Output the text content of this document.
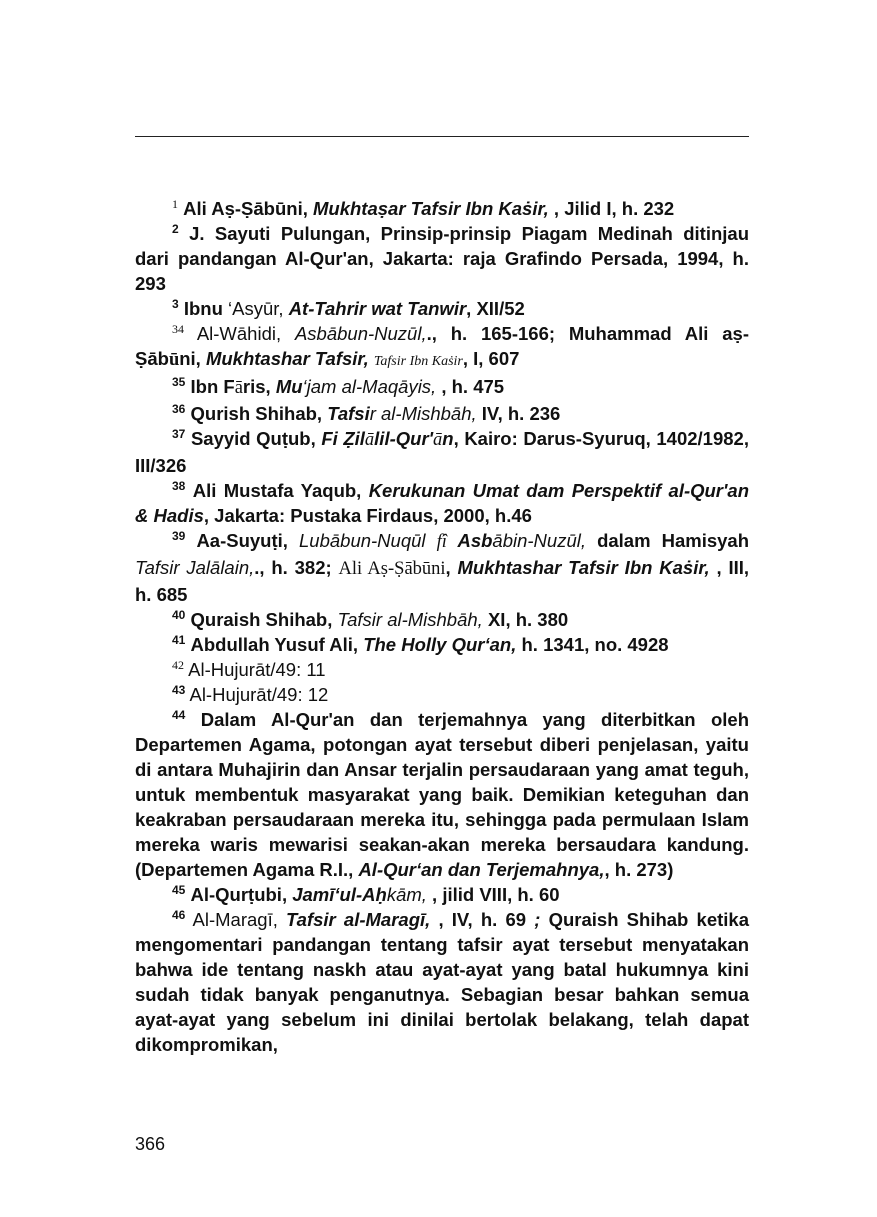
$^1$ Ali Aṣ-Ṣābūni, Mukhtaṣar Tafsir Ibn Kaṡir, , Jilid I, h. 232

$^2$ J. Sayuti Pulungan, Prinsip-prinsip Piagam Medinah ditinjau dari pandangan Al-Qur'an, Jakarta: raja Grafindo Persada, 1994, h. 293

$^3$ Ibnu ‘Asyūr, At-Tahrir wat Tanwir, XII/52

$^{34}$ Al-Wāhidi, Asbābun-Nuzūl,., h. 165-166; Muhammad Ali aṣ-Ṣābūni, Mukhtashar Tafsir, Tafsir Ibn Kaṡir, I, 607

$^{35}$ Ibn Fāris, Mu‘jam al-Maqāyis, , h. 475

$^{36}$ Qurish Shihab, Tafsir al-Mishbāh, IV, h. 236

$^{37}$ Sayyid Quṭub, Fi Ẓilālil-Qur'ān, Kairo: Darus-Syuruq, 1402/1982, III/326

$^{38}$ Ali Mustafa Yaqub, Kerukunan Umat dam Perspektif al-Qur'an & Hadis, Jakarta: Pustaka Firdaus, 2000, h.46

$^{39}$ Aa-Suyuṭi, Lubābun-Nuqūl fî Asbābin-Nuzūl, dalam Hamisyah Tafsir Jalālain,., h. 382; Ali Aṣ-Ṣābūni, Mukhtashar Tafsir Ibn Kaṡir, , III, h. 685

$^{40}$ Quraish Shihab, Tafsir al-Mishbāh, XI, h. 380

$^{41}$ Abdullah Yusuf Ali, The Holly Qur‘an, h. 1341, no. 4928

$^{42}$ Al-Hujurāt/49: 11

$^{43}$ Al-Hujurāt/49: 12

$^{44}$ Dalam Al-Qur'an dan terjemahnya yang diterbitkan oleh Departemen Agama, potongan ayat tersebut diberi penjelasan, yaitu di antara Muhajirin dan Ansar terjalin persaudaraan yang amat teguh, untuk membentuk masyarakat yang baik. Demikian keteguhan dan keakraban persaudaraan mereka itu, sehingga pada permulaan Islam mereka waris mewarisi seakan-akan mereka bersaudara kandung. (Departemen Agama R.I., Al-Qur‘an dan Terjemahnya,, h. 273)

$^{45}$ Al-Qurṭubi, Jamī‘ul-Aḥkām, , jilid VIII, h. 60

$^{46}$ Al-Maragī, Tafsir al-Maragī, , IV, h. 69 ; Quraish Shihab ketika mengomentari pandangan tentang tafsir ayat tersebut menyatakan bahwa ide tentang naskh atau ayat-ayat yang batal hukumnya kini sudah tidak banyak penganutnya. Sebagian besar bahkan semua ayat-ayat yang sebelum ini dinilai bertolak belakang, telah dapat dikompromikan,

366
